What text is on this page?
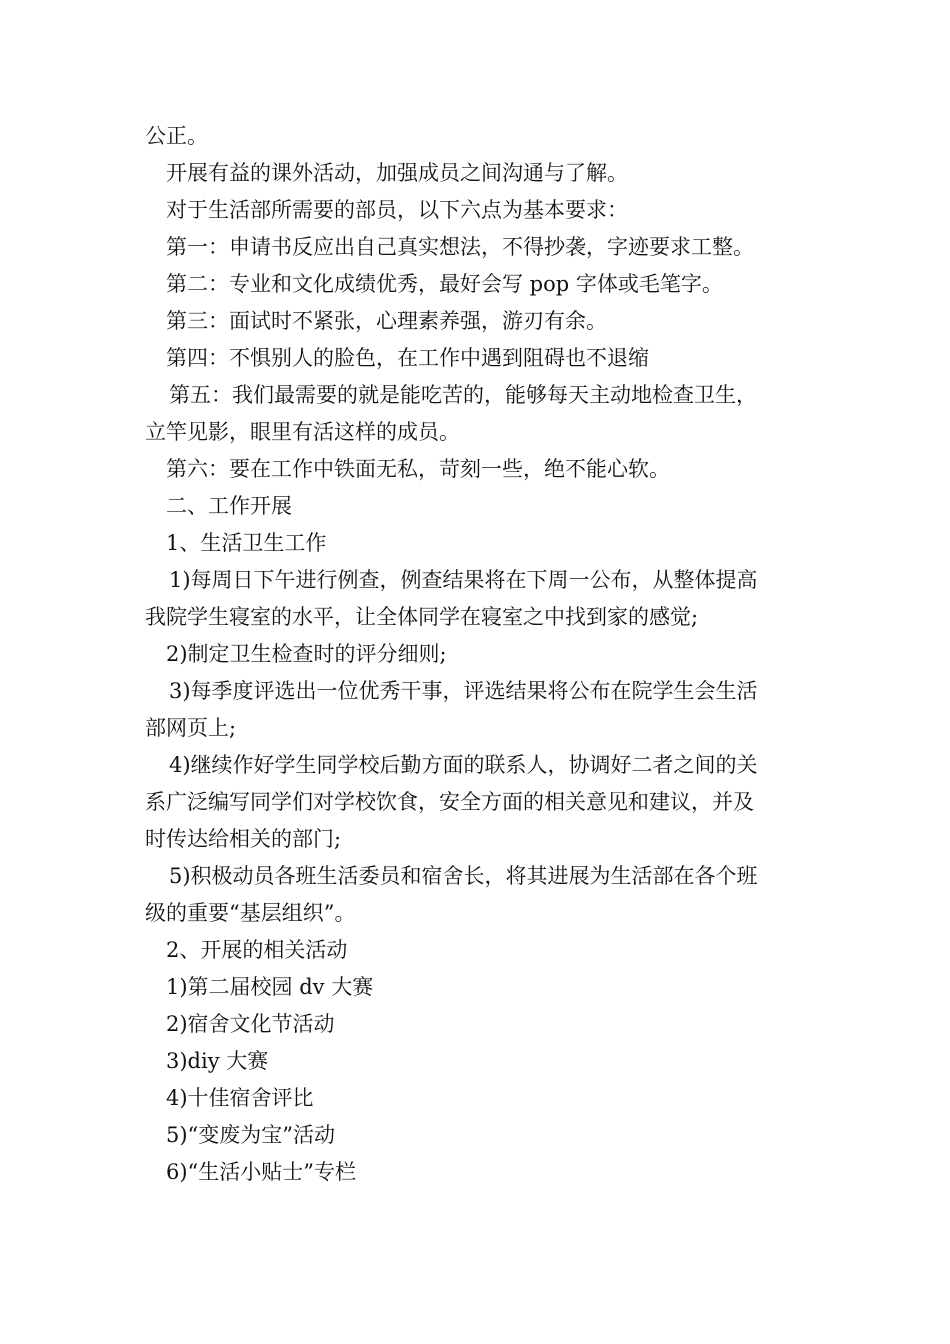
公正。

开展有益的课外活动，加强成员之间沟通与了解。

对于生活部所需要的部员，以下六点为基本要求：

第一：申请书反应出自己真实想法，不得抄袭，字迹要求工整。

第二：专业和文化成绩优秀，最好会写 pop 字体或毛笔字。

第三：面试时不紧张，心理素养强，游刃有余。

第四：不惧别人的脸色，在工作中遇到阻碍也不退缩

第五：我们最需要的就是能吃苦的，能够每天主动地检查卫生，

立竿见影，眼里有活这样的成员。

第六：要在工作中铁面无私，苛刻一些，绝不能心软。

二、工作开展

1、生活卫生工作

1)每周日下午进行例查，例查结果将在下周一公布，从整体提高

我院学生寝室的水平，让全体同学在寝室之中找到家的感觉;

2)制定卫生检查时的评分细则;

3)每季度评选出一位优秀干事，评选结果将公布在院学生会生活

部网页上;

4)继续作好学生同学校后勤方面的联系人，协调好二者之间的关

系广泛编写同学们对学校饮食，安全方面的相关意见和建议，并及

时传达给相关的部门;

5)积极动员各班生活委员和宿舍长，将其进展为生活部在各个班

级的重要“基层组织”。

2、开展的相关活动

1)第二届校园 dv 大赛

2)宿舍文化节活动

3)diy 大赛

4)十佳宿舍评比

5)“变废为宝”活动

6)“生活小贴士”专栏
